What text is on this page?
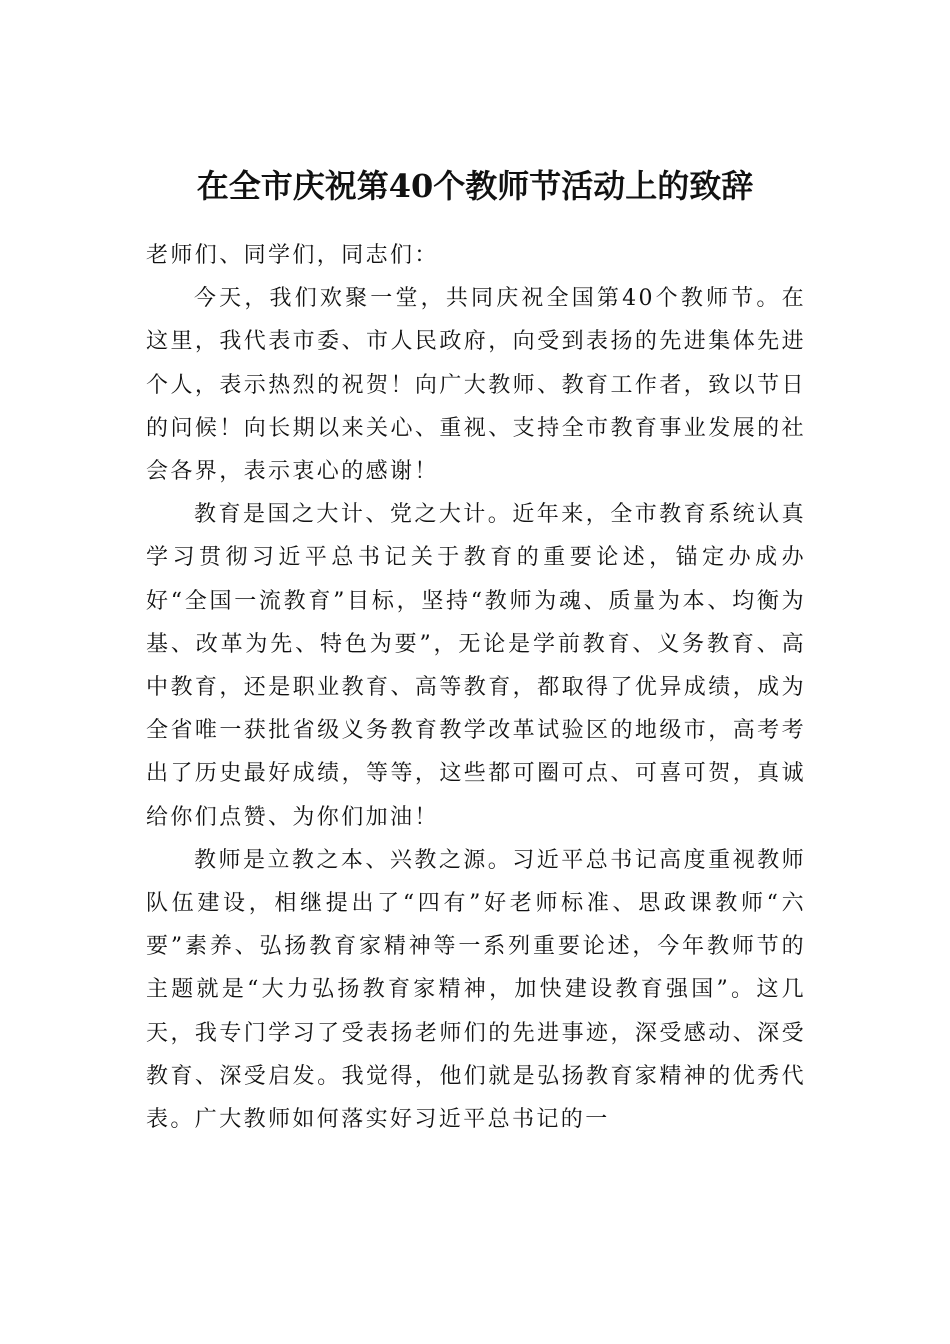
在全市庆祝第40个教师节活动上的致辞

老师们、同学们，同志们：

今天，我们欢聚一堂，共同庆祝全国第40个教师节。在这里，我代表市委、市人民政府，向受到表扬的先进集体先进个人，表示热烈的祝贺！向广大教师、教育工作者，致以节日的问候！向长期以来关心、重视、支持全市教育事业发展的社会各界，表示衷心的感谢！

教育是国之大计、党之大计。近年来，全市教育系统认真学习贯彻习近平总书记关于教育的重要论述，锚定办成办好“全国一流教育”目标，坚持“教师为魂、质量为本、均衡为基、改革为先、特色为要”，无论是学前教育、义务教育、高中教育，还是职业教育、高等教育，都取得了优异成绩，成为全省唯一获批省级义务教育教学改革试验区的地级市，高考考出了历史最好成绩，等等，这些都可圈可点、可喜可贺，真诚给你们点赞、为你们加油！

教师是立教之本、兴教之源。习近平总书记高度重视教师队伍建设，相继提出了“四有”好老师标准、思政课教师“六要”素养、弘扬教育家精神等一系列重要论述，今年教师节的主题就是“大力弘扬教育家精神，加快建设教育强国”。这几天，我专门学习了受表扬老师们的先进事迹，深受感动、深受教育、深受启发。我觉得，他们就是弘扬教育家精神的优秀代表。广大教师如何落实好习近平总书记的一
